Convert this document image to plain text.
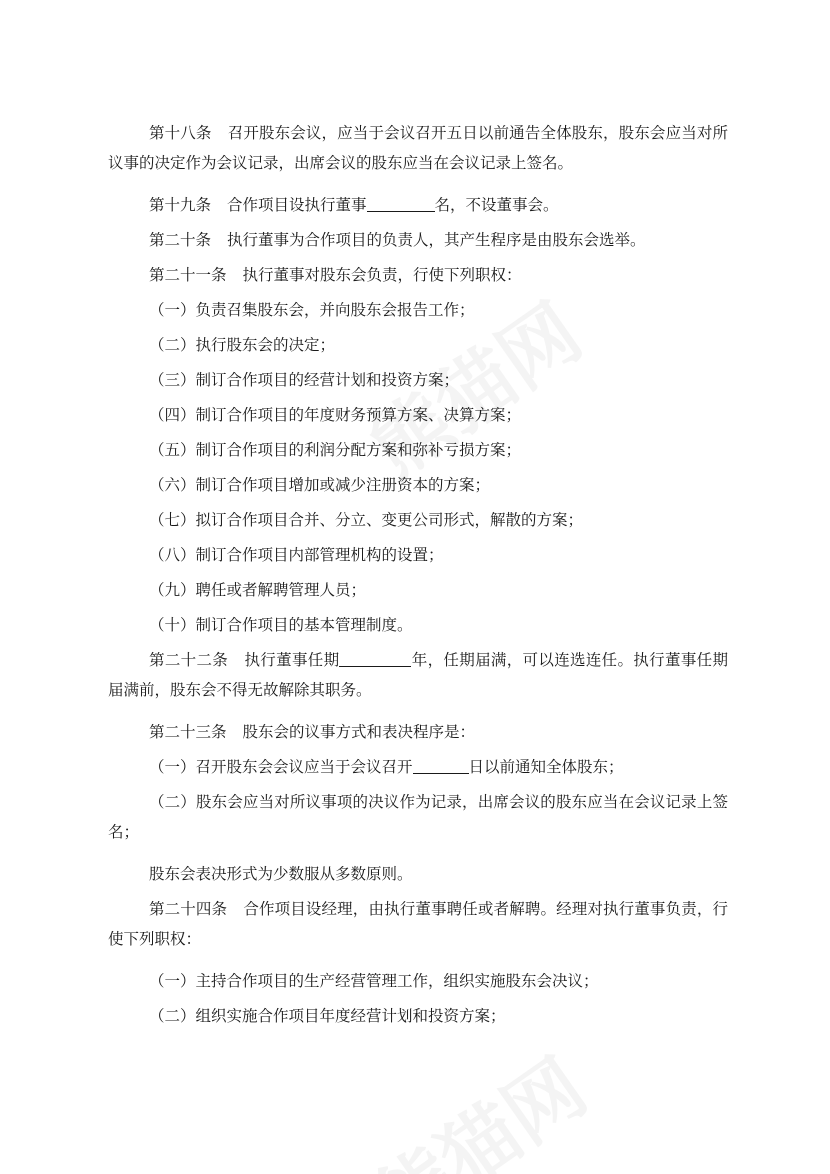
第十八条 召开股东会议，应当于会议召开五日以前通告全体股东，股东会应当对所议事的决定作为会议记录，出席会议的股东应当在会议记录上签名。

第十九条 合作项目设执行董事	名，不设董事会。

第二十条 执行董事为合作项目的负责人，其产生程序是由股东会选举。

第二十一条 执行董事对股东会负责，行使下列职权：

（一）负责召集股东会，并向股东会报告工作；

（二）执行股东会的决定；

（三）制订合作项目的经营计划和投资方案；

（四）制订合作项目的年度财务预算方案、决算方案；

（五）制订合作项目的利润分配方案和弥补亏损方案；

（六）制订合作项目增加或减少注册资本的方案；

（七）拟订合作项目合并、分立、变更公司形式，解散的方案；

（八）制订合作项目内部管理机构的设置；

（九）聘任或者解聘管理人员；

（十）制订合作项目的基本管理制度。

第二十二条 执行董事任期	年，任期届满，可以连选连任。执行董事任期届满前，股东会不得无故解除其职务。

第二十三条 股东会的议事方式和表决程序是：

（一）召开股东会会议应当于会议召开	日以前通知全体股东；

（二）股东会应当对所议事项的决议作为记录，出席会议的股东应当在会议记录上签名；

股东会表决形式为少数服从多数原则。

第二十四条 合作项目设经理，由执行董事聘任或者解聘。经理对执行董事负责，行使下列职权：

（一）主持合作项目的生产经营管理工作，组织实施股东会决议；

（二）组织实施合作项目年度经营计划和投资方案；
